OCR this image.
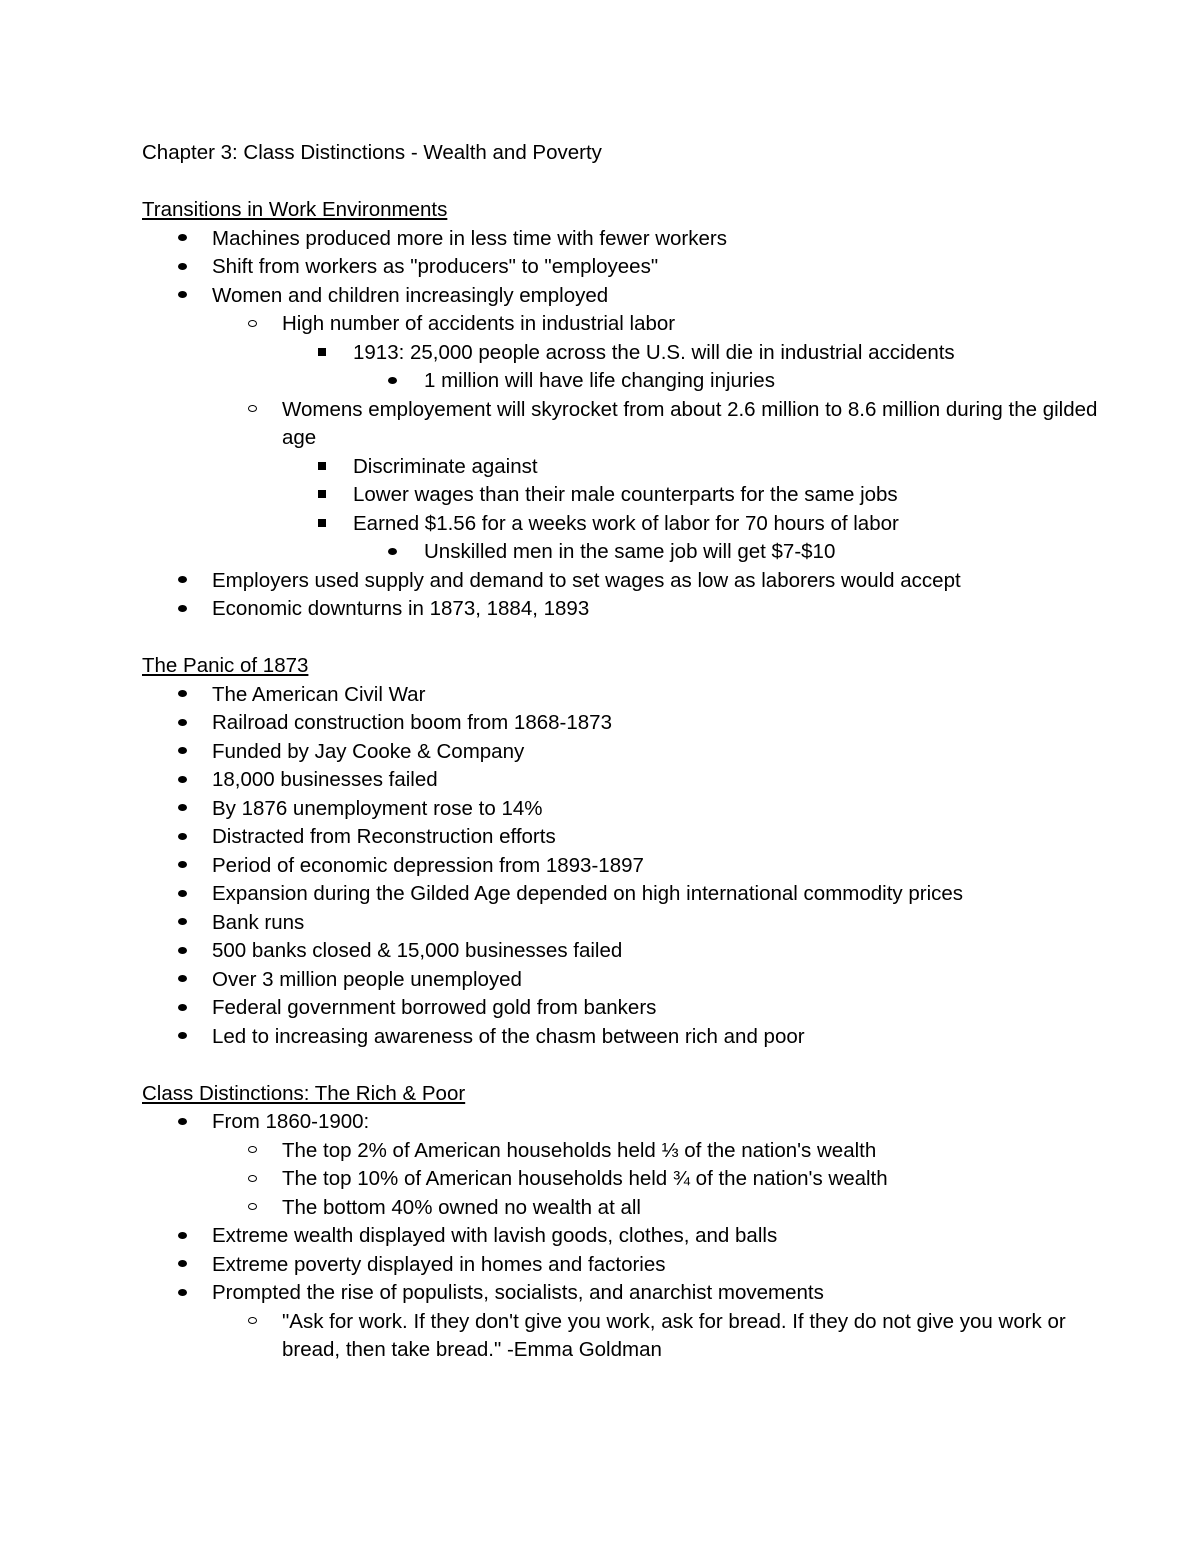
Chapter 3: Class Distinctions - Wealth and Poverty
Transitions in Work Environments
Machines produced more in less time with fewer workers
Shift from workers as "producers" to "employees"
Women and children increasingly employed
High number of accidents in industrial labor
1913: 25,000 people across the U.S. will die in industrial accidents
1 million will have life changing injuries
Womens employement will skyrocket from about 2.6 million to 8.6 million during the gilded age
Discriminate against
Lower wages than their male counterparts for the same jobs
Earned $1.56 for a weeks work of labor for 70 hours of labor
Unskilled men in the same job will get $7-$10
Employers used supply and demand to set wages as low as laborers would accept
Economic downturns in 1873, 1884, 1893
The Panic of 1873
The American Civil War
Railroad construction boom from 1868-1873
Funded by Jay Cooke & Company
18,000 businesses failed
By 1876 unemployment rose to 14%
Distracted from Reconstruction efforts
Period of economic depression from 1893-1897
Expansion during the Gilded Age depended on high international commodity prices
Bank runs
500 banks closed & 15,000 businesses failed
Over 3 million people unemployed
Federal government borrowed gold from bankers
Led to increasing awareness of the chasm between rich and poor
Class Distinctions: The Rich & Poor
From 1860-1900:
The top 2% of American households held ⅓ of the nation's wealth
The top 10% of American households held ¾ of the nation's wealth
The bottom 40% owned no wealth at all
Extreme wealth displayed with lavish goods, clothes, and balls
Extreme poverty displayed in homes and factories
Prompted the rise of populists, socialists, and anarchist movements
"Ask for work. If they don't give you work, ask for bread. If they do not give you work or bread, then take bread." -Emma Goldman
